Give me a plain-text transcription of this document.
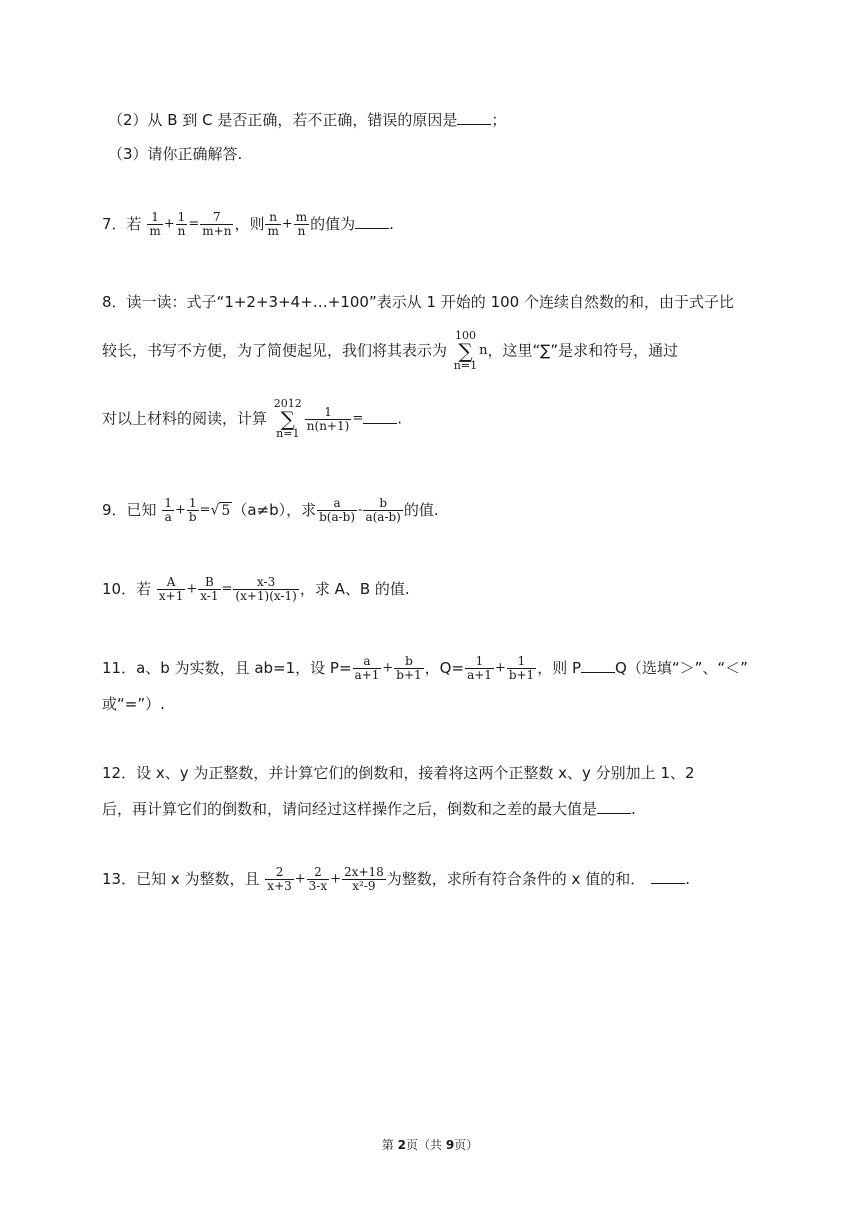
（2）从 B 到 C 是否正确，若不正确，错误的原因是 ；
（3）请你正确解答.
7．若 $\frac{1}{m} + \frac{1}{n} = \frac{7}{m+n}$ ，则 $\frac{n}{m} + \frac{m}{n}$ 的值为 .
8．读一读：式子“1+2+3+4+…+100”表示从 1 开始的 100 个连续自然数的和，由于式子比
较长，书写不方便，为了简便起见，我们将其表示为
100
∑
n=1
n，这里“∑”是求和符号，通过
对以上材料的阅读，计算
2012
∑
n=1
$\frac{1}{n(n+1)}$ = .
9．已知 $\frac{1}{a} + \frac{1}{b}$ =√ 5 （a≠b），求 $\frac{a}{b(a-b)} - \frac{b}{a(a-b)}$ 的值.
10．若 $\frac{A}{x+1} + \frac{B}{x-1} = \frac{x-3}{(x+1)(x-1)}$ ，求 A、B 的值.
11．a、b 为实数，且 ab=1，设 $P= \frac{a}{a+1} + \frac{b}{b+1}$ ，$Q= \frac{1}{a+1} + \frac{1}{b+1}$ ，则 P Q（选填“＞”、“＜”
或“=”）.
12．设 x、y 为正整数，并计算它们的倒数和，接着将这两个正整数 x、y 分别加上 1、2
后，再计算它们的倒数和，请问经过这样操作之后，倒数和之差的最大值是 .
13．已知 x 为整数，且 $\frac{2}{x+3} + \frac{2}{3-x} + \frac{2x+18}{\text{x²-9}}$ 为整数，求所有符合条件的 x 值的和．	.
第 2页（共 9页）
